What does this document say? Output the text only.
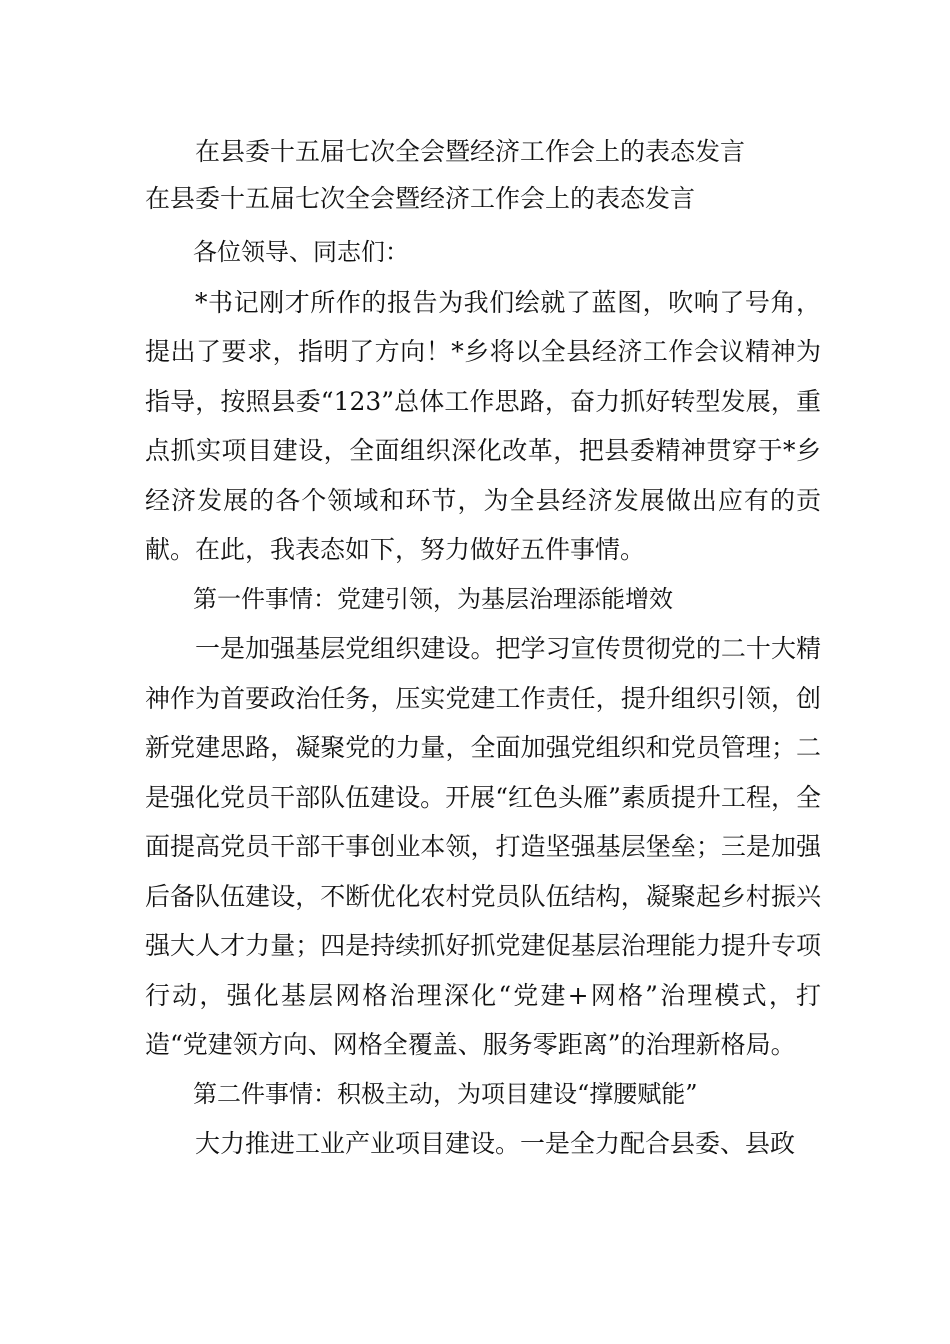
在县委十五届七次全会暨经济工作会上的表态发言
在县委十五届七次全会暨经济工作会上的表态发言

各位领导、同志们：

*书记刚才所作的报告为我们绘就了蓝图，吹响了号角，提出了要求，指明了方向！*乡将以全县经济工作会议精神为指导，按照县委“123”总体工作思路，奋力抓好转型发展，重点抓实项目建设，全面组织深化改革，把县委精神贯穿于*乡经济发展的各个领域和环节，为全县经济发展做出应有的贡献。在此，我表态如下，努力做好五件事情。

第一件事情：党建引领，为基层治理添能增效

一是加强基层党组织建设。把学习宣传贯彻党的二十大精神作为首要政治任务，压实党建工作责任，提升组织引领，创新党建思路，凝聚党的力量，全面加强党组织和党员管理；二是强化党员干部队伍建设。开展“红色头雁”素质提升工程，全面提高党员干部干事创业本领，打造坚强基层堡垒；三是加强后备队伍建设，不断优化农村党员队伍结构，凝聚起乡村振兴强大人才力量；四是持续抓好抓党建促基层治理能力提升专项行动，强化基层网格治理深化“党建+网格”治理模式，打造“党建领方向、网格全覆盖、服务零距离”的治理新格局。

第二件事情：积极主动，为项目建设“撑腰赋能”

大力推进工业产业项目建设。一是全力配合县委、县政
